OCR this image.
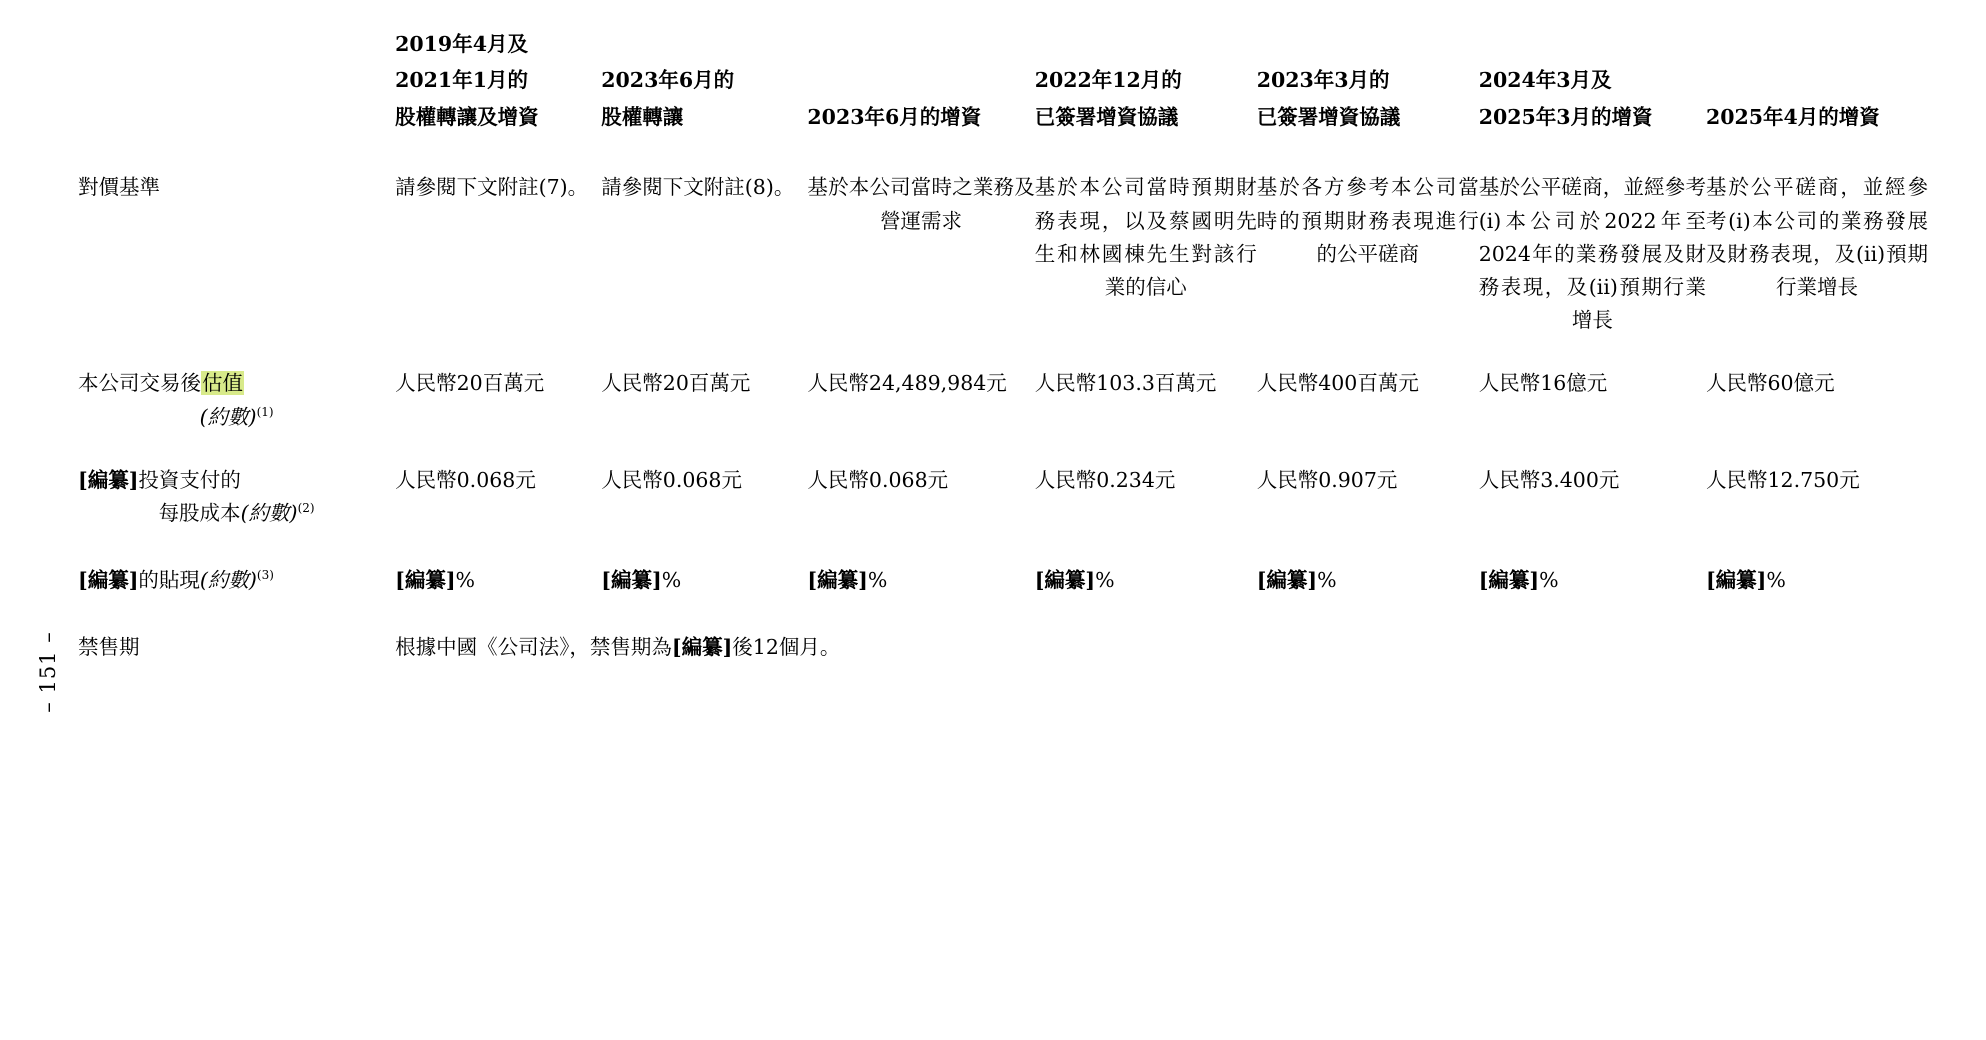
– 151 –

	2019年4月及
2021年1月的
股權轉讓及增資	2023年6月的
股權轉讓	2023年6月的增資	2022年12月的
已簽署增資協議	2023年3月的
已簽署增資協議	2024年3月及
2025年3月的增資	2025年4月的增資

對價基準	請參閱下文附註(7)。	請參閱下文附註(8)。	基於本公司當時之業務及營運需求	基於本公司當時預期財務表現，以及蔡國明先生和林國棟先生對該行業的信心	基於各方參考本公司當時的預期財務表現進行的公平磋商	基於公平磋商，並經參考(i)本公司於2022年至2024年的業務發展及財務表現，及(ii)預期行業增長	基於公平磋商，並經參考(i)本公司的業務發展及財務表現，及(ii)預期行業增長
本公司交易後估值
(約數)$^{(1)}$	人民幣20百萬元	人民幣20百萬元	人民幣24,489,984元	人民幣103.3百萬元	人民幣400百萬元	人民幣16億元	人民幣60億元
[編纂]投資支付的
每股成本(約數)$^{(2)}$	人民幣0.068元	人民幣0.068元	人民幣0.068元	人民幣0.234元	人民幣0.907元	人民幣3.400元	人民幣12.750元
[編纂]的貼現(約數)$^{(3)}$	[編纂]%	[編纂]%	[編纂]%	[編纂]%	[編纂]%	[編纂]%	[編纂]%
禁售期	根據中國《公司法》，禁售期為[編纂]後12個月。						
